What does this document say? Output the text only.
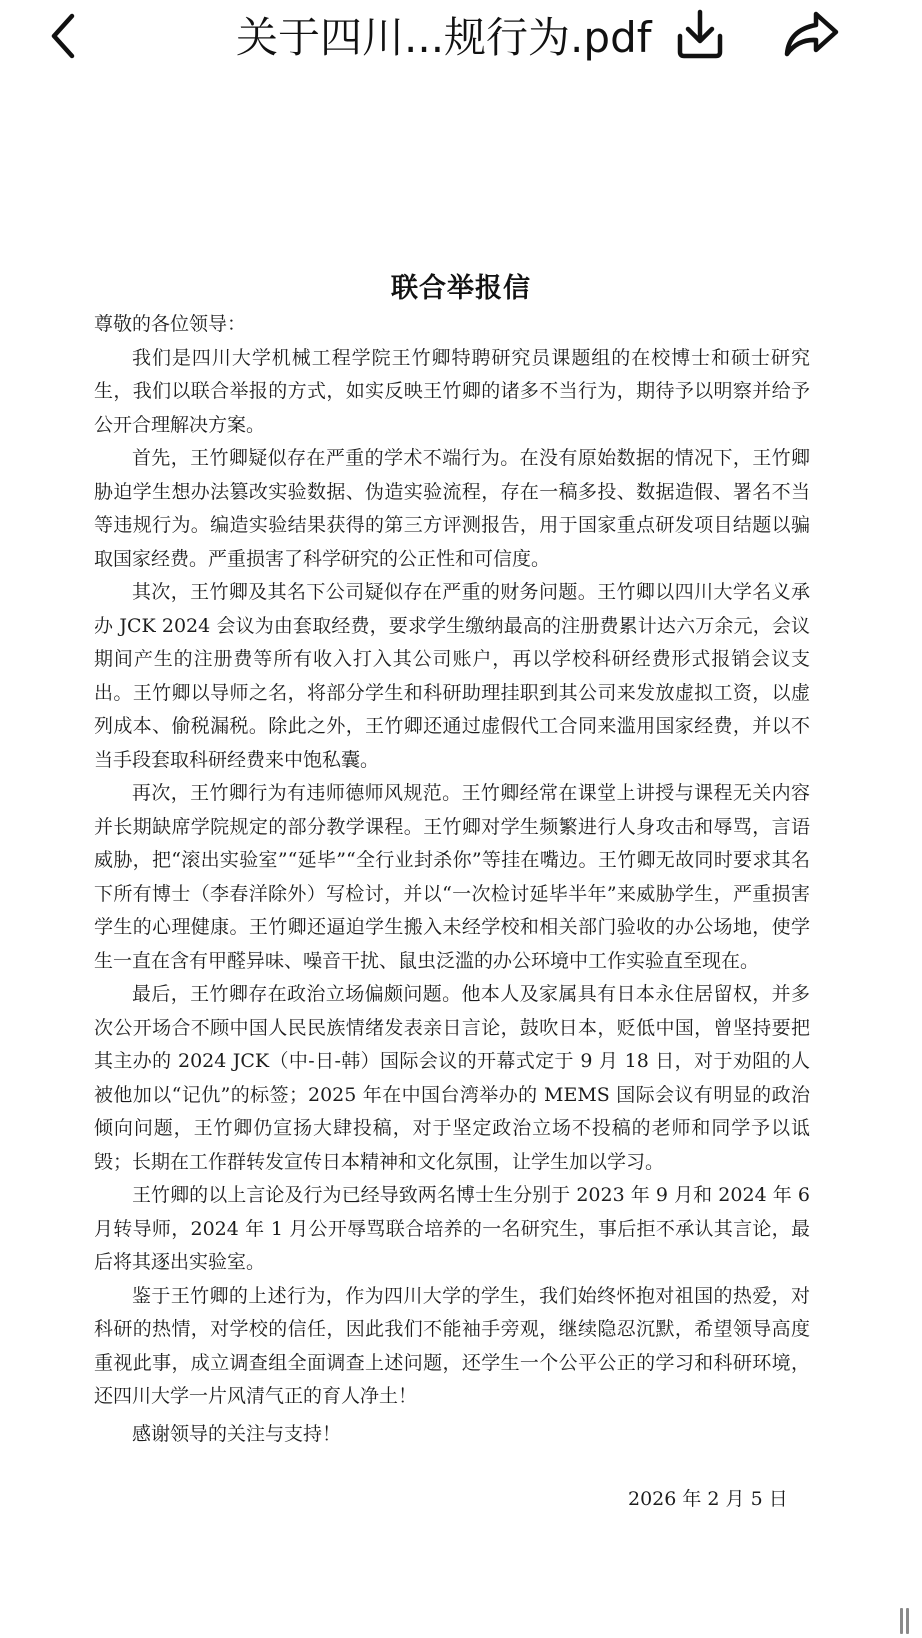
关于四川...规行为.pdf
联合举报信

尊敬的各位领导：

我们是四川大学机械工程学院王竹卿特聘研究员课题组的在校博士和硕士研究生，我们以联合举报的方式，如实反映王竹卿的诸多不当行为，期待予以明察并给予公开合理解决方案。

首先，王竹卿疑似存在严重的学术不端行为。在没有原始数据的情况下，王竹卿胁迫学生想办法篡改实验数据、伪造实验流程，存在一稿多投、数据造假、署名不当等违规行为。编造实验结果获得的第三方评测报告，用于国家重点研发项目结题以骗取国家经费。严重损害了科学研究的公正性和可信度。

其次，王竹卿及其名下公司疑似存在严重的财务问题。王竹卿以四川大学名义承办 JCK 2024 会议为由套取经费，要求学生缴纳最高的注册费累计达六万余元，会议期间产生的注册费等所有收入打入其公司账户，再以学校科研经费形式报销会议支出。王竹卿以导师之名，将部分学生和科研助理挂职到其公司来发放虚拟工资，以虚列成本、偷税漏税。除此之外，王竹卿还通过虚假代工合同来滥用国家经费，并以不当手段套取科研经费来中饱私囊。

再次，王竹卿行为有违师德师风规范。王竹卿经常在课堂上讲授与课程无关内容并长期缺席学院规定的部分教学课程。王竹卿对学生频繁进行人身攻击和辱骂，言语威胁，把“滚出实验室”“延毕”“全行业封杀你”等挂在嘴边。王竹卿无故同时要求其名下所有博士（李春洋除外）写检讨，并以“一次检讨延毕半年”来威胁学生，严重损害学生的心理健康。王竹卿还逼迫学生搬入未经学校和相关部门验收的办公场地，使学生一直在含有甲醛异味、噪音干扰、鼠虫泛滥的办公环境中工作实验直至现在。

最后，王竹卿存在政治立场偏颇问题。他本人及家属具有日本永住居留权，并多次公开场合不顾中国人民民族情绪发表亲日言论，鼓吹日本，贬低中国，曾坚持要把其主办的 2024 JCK（中-日-韩）国际会议的开幕式定于 9 月 18 日，对于劝阻的人被他加以“记仇”的标签；2025 年在中国台湾举办的 MEMS 国际会议有明显的政治倾向问题，王竹卿仍宣扬大肆投稿，对于坚定政治立场不投稿的老师和同学予以诋毁；长期在工作群转发宣传日本精神和文化氛围，让学生加以学习。

王竹卿的以上言论及行为已经导致两名博士生分别于 2023 年 9 月和 2024 年 6 月转导师，2024 年 1 月公开辱骂联合培养的一名研究生，事后拒不承认其言论，最后将其逐出实验室。

鉴于王竹卿的上述行为，作为四川大学的学生，我们始终怀抱对祖国的热爱，对科研的热情，对学校的信任，因此我们不能袖手旁观，继续隐忍沉默，希望领导高度重视此事，成立调查组全面调查上述问题，还学生一个公平公正的学习和科研环境，还四川大学一片风清气正的育人净土！

感谢领导的关注与支持！

2026 年 2 月 5 日
